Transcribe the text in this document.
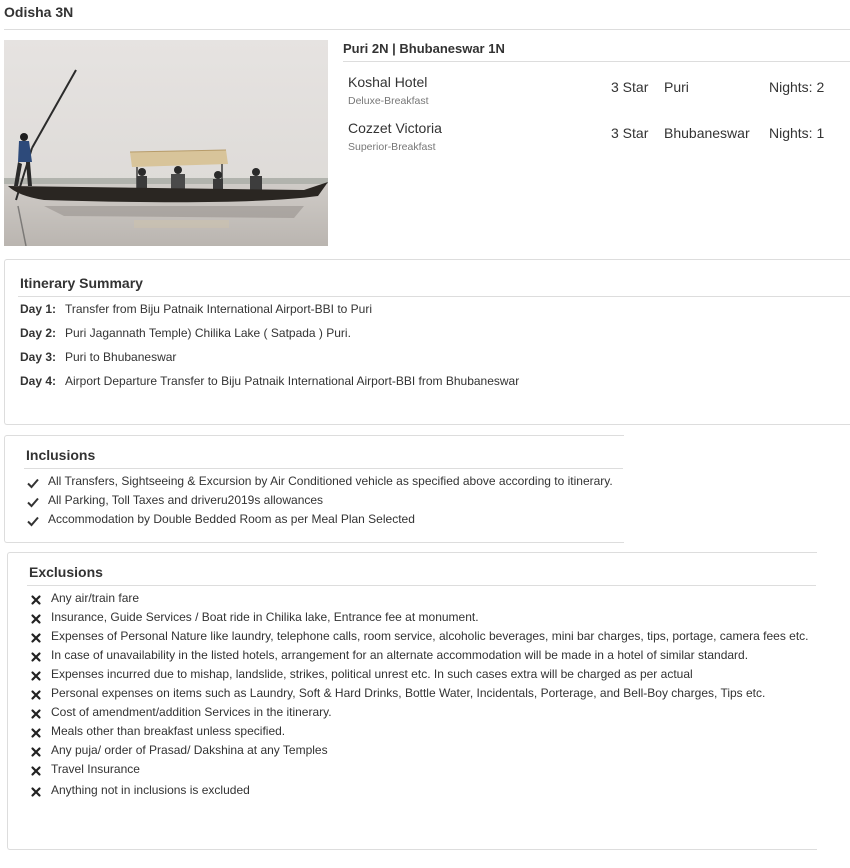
Odisha 3N
Puri 2N | Bhubaneswar 1N
Koshal Hotel
Deluxe-Breakfast
3 Star Puri	Nights: 2
Cozzet Victoria
Superior-Breakfast
3 Star Bhubaneswar Nights: 1
Itinerary Summary
Day 1: Transfer from Biju Patnaik International Airport-BBI to Puri
Day 2: Puri Jagannath Temple) Chilika Lake ( Satpada ) Puri.
Day 3: Puri to Bhubaneswar
Day 4: Airport Departure Transfer to Biju Patnaik International Airport-BBI from Bhubaneswar
Inclusions
All Transfers, Sightseeing & Excursion by Air Conditioned vehicle as specified above according to itinerary.
All Parking, Toll Taxes and driveru2019s allowances
Accommodation by Double Bedded Room as per Meal Plan Selected
Exclusions
Any air/train fare
Insurance, Guide Services / Boat ride in Chilika lake, Entrance fee at monument.
Expenses of Personal Nature like laundry, telephone calls, room service, alcoholic beverages, mini bar charges, tips, portage, camera fees etc.
In case of unavailability in the listed hotels, arrangement for an alternate accommodation will be made in a hotel of similar standard.
Expenses incurred due to mishap, landslide, strikes, political unrest etc. In such cases extra will be charged as per actual
Personal expenses on items such as Laundry, Soft & Hard Drinks, Bottle Water, Incidentals, Porterage, and Bell-Boy charges, Tips etc.
Cost of amendment/addition Services in the itinerary.
Meals other than breakfast unless specified.
Any puja/ order of Prasad/ Dakshina at any Temples
Travel Insurance
Anything not in inclusions is excluded
